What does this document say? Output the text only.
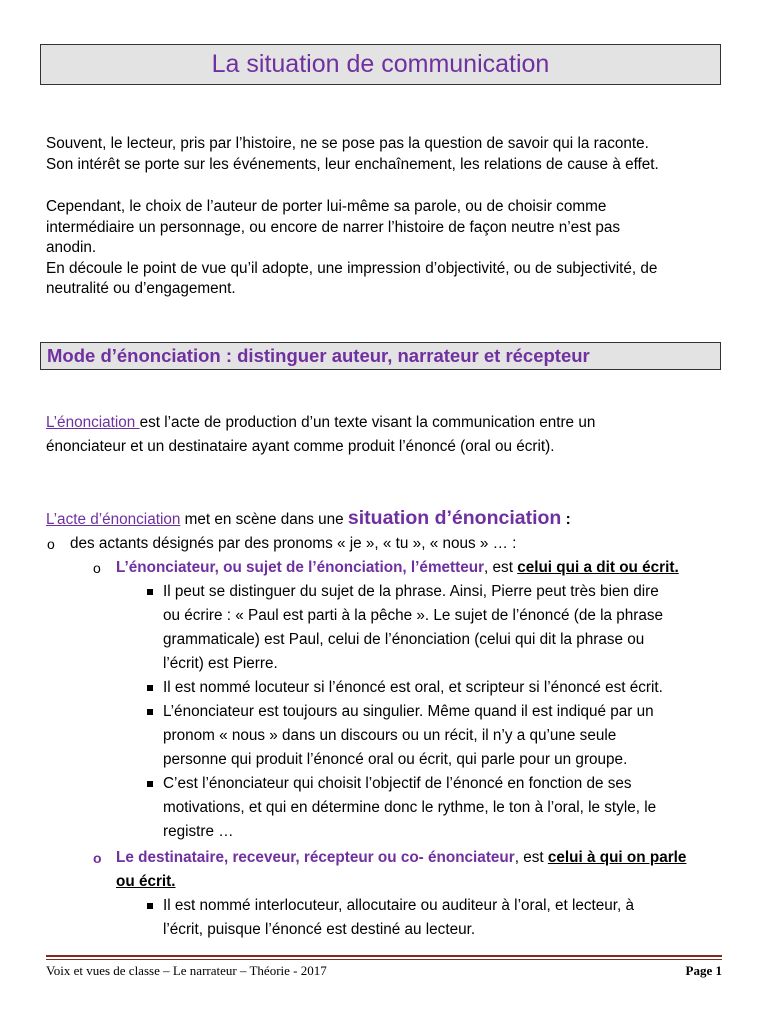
La situation de communication
Souvent, le lecteur, pris par l’histoire, ne se pose pas la question de savoir qui la raconte.
Son intérêt se porte sur les événements, leur enchaînement, les relations de cause à effet.
Cependant, le choix de l’auteur de porter lui-même sa parole, ou de choisir comme
intermédiaire un personnage, ou encore de narrer l’histoire de façon neutre n’est pas
anodin.
En découle le point de vue qu’il adopte, une impression d’objectivité, ou de subjectivité, de
neutralité ou d’engagement.
Mode d’énonciation : distinguer auteur, narrateur et récepteur
L’énonciation est l’acte de production d’un texte visant la communication entre un
énonciateur et un destinataire ayant comme produit l’énoncé (oral ou écrit).
L’acte d’énonciation met en scène dans une situation d’énonciation :
o des actants désignés par des pronoms « je », « tu », « nous » … :
o L’énonciateur, ou sujet de l’énonciation, l’émetteur, est celui qui a dit ou écrit.
Il peut se distinguer du sujet de la phrase. Ainsi, Pierre peut très bien dire
ou écrire : « Paul est parti à la pêche ». Le sujet de l’énoncé (de la phrase
grammaticale) est Paul, celui de l’énonciation (celui qui dit la phrase ou
l’écrit) est Pierre.
Il est nommé locuteur si l’énoncé est oral, et scripteur si l’énoncé est écrit.
L’énonciateur est toujours au singulier. Même quand il est indiqué par un
pronom « nous » dans un discours ou un récit, il n’y a qu’une seule
personne qui produit l’énoncé oral ou écrit, qui parle pour un groupe.
C’est l’énonciateur qui choisit l’objectif de l’énoncé en fonction de ses
motivations, et qui en détermine donc le rythme, le ton à l’oral, le style, le
registre …
o Le destinataire, receveur, récepteur ou co- énonciateur, est celui à qui on parle
ou écrit.
Il est nommé interlocuteur, allocutaire ou auditeur à l’oral, et lecteur, à
l’écrit, puisque l’énoncé est destiné au lecteur.
Voix et vues de classe – Le narrateur – Théorie - 2017	Page 1
